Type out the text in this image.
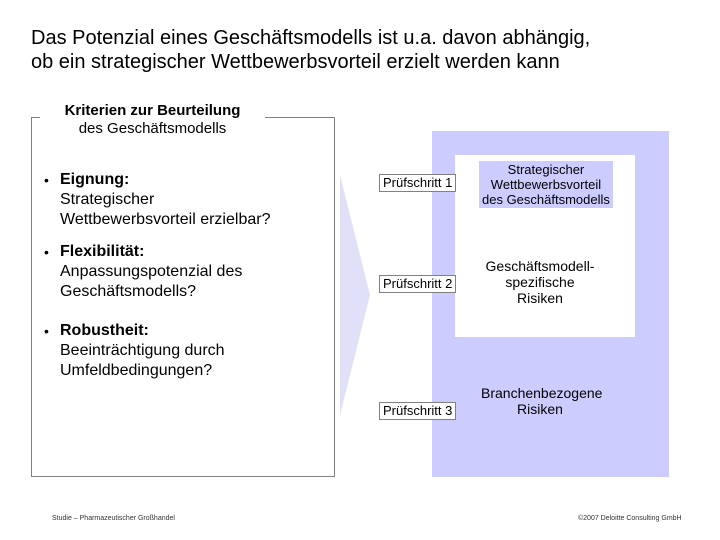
Das Potenzial eines Geschäftsmodells ist u.a. davon abhängig,
ob ein strategischer Wettbewerbsvorteil erzielt werden kann
Kriterien zur Beurteilung
des Geschäftsmodells
• Eignung:
Strategischer
Wettbewerbsvorteil erzielbar?
• Flexibilität:
Anpassungspotenzial des
Geschäftsmodells?
• Robustheit:
Beeinträchtigung durch
Umfeldbedingungen?
Prüfschritt 1
Strategischer
Wettbewerbsvorteil
des Geschäftsmodells
Prüfschritt 2
Geschäftsmodell-
spezifische
Risiken
Prüfschritt 3
Branchenbezogene
Risiken
Studie – Pharmazeutischer Großhandel	©2007 Deloitte Consulting GmbH
